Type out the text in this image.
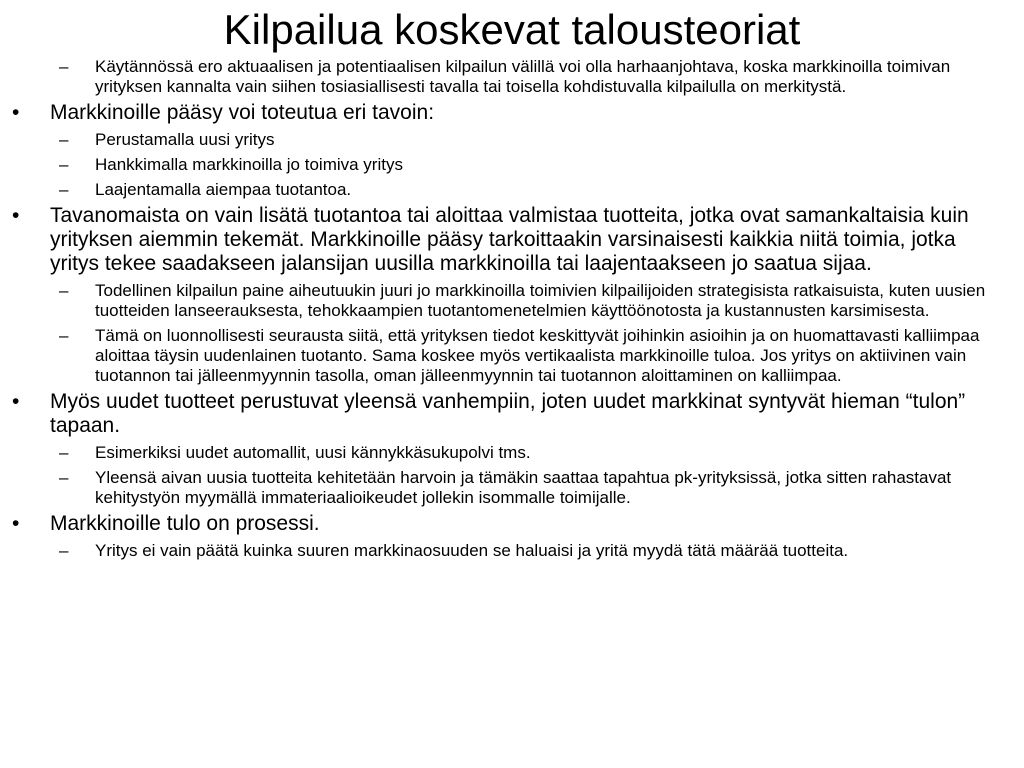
Kilpailua koskevat talousteoriat
– Käytännössä ero aktuaalisen ja potentiaalisen kilpailun välillä voi olla harhaanjohtava, koska markkinoilla toimivan yrityksen kannalta vain siihen tosiasiallisesti tavalla tai toisella kohdistuvalla kilpailulla on merkitystä.
• Markkinoille pääsy voi toteutua eri tavoin:
– Perustamalla uusi yritys
– Hankkimalla markkinoilla jo toimiva yritys
– Laajentamalla aiempaa tuotantoa.
• Tavanomaista on vain lisätä tuotantoa tai aloittaa valmistaa tuotteita, jotka ovat samankaltaisia kuin yrityksen aiemmin tekemät. Markkinoille pääsy tarkoittaakin varsinaisesti kaikkia niitä toimia, jotka yritys tekee saadakseen jalansijan uusilla markkinoilla tai laajentaakseen jo saatua sijaa.
– Todellinen kilpailun paine aiheutuukin juuri jo markkinoilla toimivien kilpailijoiden strategisista ratkaisuista, kuten uusien tuotteiden lanseerauksesta, tehokkaampien tuotantomenetelmien käyttöönotosta ja kustannusten karsimisesta.
– Tämä on luonnollisesti seurausta siitä, että yrityksen tiedot keskittyvät joihinkin asioihin ja on huomattavasti kalliimpaa aloittaa täysin uudenlainen tuotanto. Sama koskee myös vertikaalista markkinoille tuloa. Jos yritys on aktiivinen vain tuotannon tai jälleenmyynnin tasolla, oman jälleenmyynnin tai tuotannon aloittaminen on kalliimpaa.
• Myös uudet tuotteet perustuvat yleensä vanhempiin, joten uudet markkinat syntyvät hieman “tulon” tapaan.
– Esimerkiksi uudet automallit, uusi kännykkäsukupolvi tms.
– Yleensä aivan uusia tuotteita kehitetään harvoin ja tämäkin saattaa tapahtua pk-yrityksissä, jotka sitten rahastavat kehitystyön myymällä immateriaalioikeudet jollekin isommalle toimijalle.
• Markkinoille tulo on prosessi.
– Yritys ei vain päätä kuinka suuren markkinaosuuden se haluaisi ja yritä myydä tätä määrää tuotteita.
